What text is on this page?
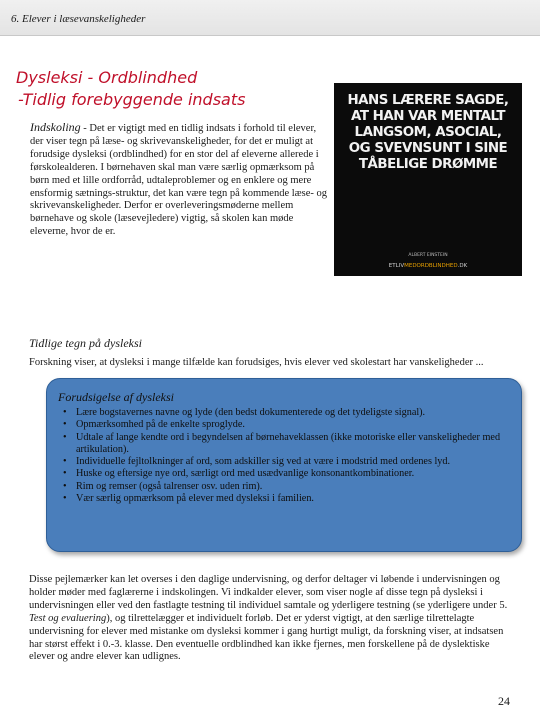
6. Elever i læsevanskeligheder
Dysleksi - Ordblindhed
-Tidlig forebyggende indsats
Indskoling - Det er vigtigt med en tidlig indsats i forhold til elever, der viser tegn på læse- og skrivevanskeligheder, for det er muligt at forudsige dysleksi (ordblindhed) for en stor del af eleverne allerede i førskolealderen. I børnehaven skal man være særlig opmærksom på børn med et lille ordforråd, udtaleproblemer og en enklere og mere ensformig sætnings-struktur, det kan være tegn på kommende læse- og skrivevanskeligheder. Derfor er overleveringsmøderne mellem børnehave og skole (læsevejledere) vigtig, så skolen kan møde eleverne, hvor de er.
HANS LÆRERE SAGDE, AT HAN VAR MENTALT LANGSOM, ASOCIAL, OG SVEVNSUNT I SINE TÅBELIGE DRØMME
ALBERT EINSTEIN
ETLIVMEDORDBLINDHED.DK
Tidlige tegn på dysleksi
Forskning viser, at dysleksi i mange tilfælde kan forudsiges, hvis elever ved skolestart har vanskeligheder ...
Forudsigelse af dysleksi
• Lære bogstavernes navne og lyde (den bedst dokumenterede og det tydeligste signal).
• Opmærksomhed på de enkelte sproglyde.
• Udtale af lange kendte ord i begyndelsen af børnehaveklassen (ikke motoriske eller vanskeligheder med artikulation).
• Individuelle fejltolkninger af ord, som adskiller sig ved at være i modstrid med ordenes lyd.
• Huske og eftersige nye ord, særligt ord med usædvanlige konsonantkombinationer.
• Rim og remser (også talrenser osv. uden rim).
• Vær særlig opmærksom på elever med dysleksi i familien.
Disse pejlemærker kan let overses i den daglige undervisning, og derfor deltager vi løbende i undervisningen og holder møder med faglærerne i indskolingen. Vi indkalder elever, som viser nogle af disse tegn på dysleksi i undervisningen eller ved den fastlagte testning til individuel samtale og yderligere testning (se yderligere under 5. Test og evaluering), og tilrettelægger et individuelt forløb. Det er yderst vigtigt, at den særlige tilrettelagte undervisning for elever med mistanke om dysleksi kommer i gang hurtigt muligt, da forskning viser, at indsatsen har størst effekt i 0.-3. klasse. Den eventuelle ordblindhed kan ikke fjernes, men forskellene på de dyslektiske elever og andre elever kan udlignes.
24
